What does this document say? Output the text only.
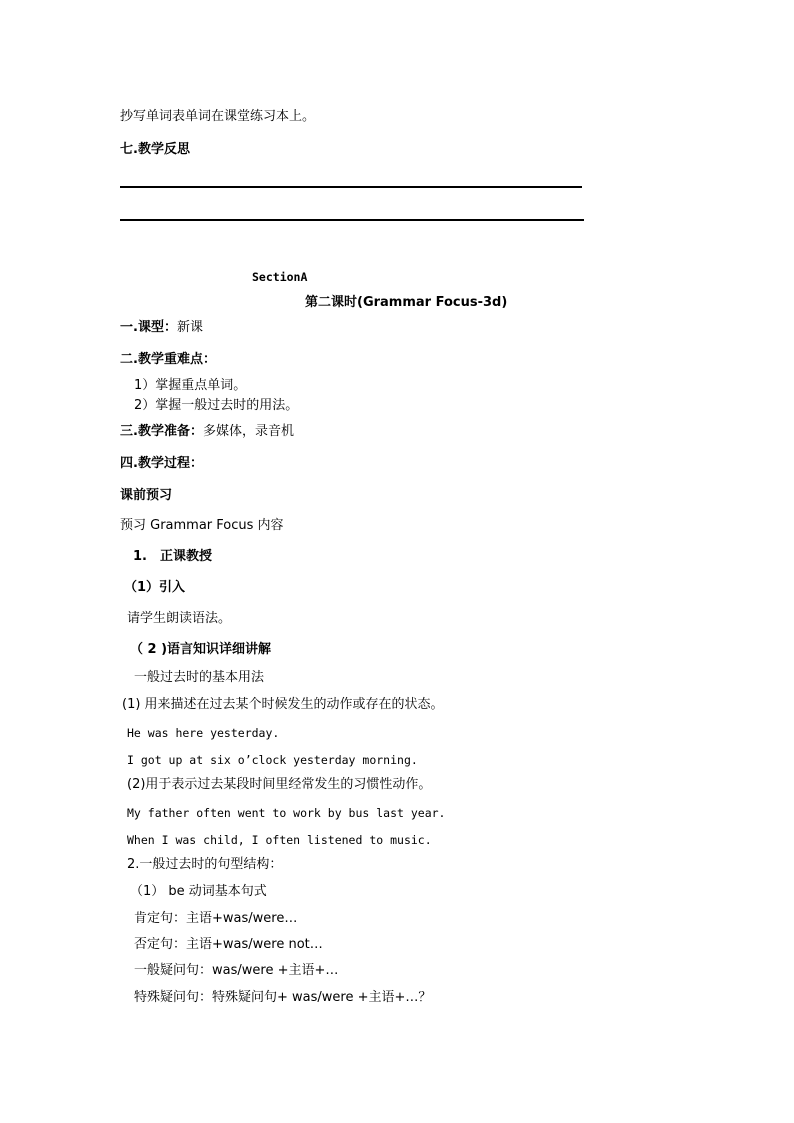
抄写单词表单词在课堂练习本上。
七.教学反思
SectionA
第二课时(Grammar Focus-3d)
一.课型：新课
二.教学重难点：
1）掌握重点单词。
2）掌握一般过去时的用法。
三.教学准备：多媒体，录音机
四.教学过程：
课前预习
预习 Grammar Focus 内容
1.　正课教授
（1）引入
请学生朗读语法。
（ 2 )语言知识详细讲解
一般过去时的基本用法
(1) 用来描述在过去某个时候发生的动作或存在的状态。
He was here yesterday.
I got up at six o’clock yesterday morning.
(2)用于表示过去某段时间里经常发生的习惯性动作。
My father often went to work by bus last year.
When I was child, I often listened to music.
2.一般过去时的句型结构：
（1） be 动词基本句式
肯定句：主语+was/were…
否定句：主语+was/were not…
一般疑问句：was/were +主语+…
特殊疑问句：特殊疑问句+ was/were +主语+…？
